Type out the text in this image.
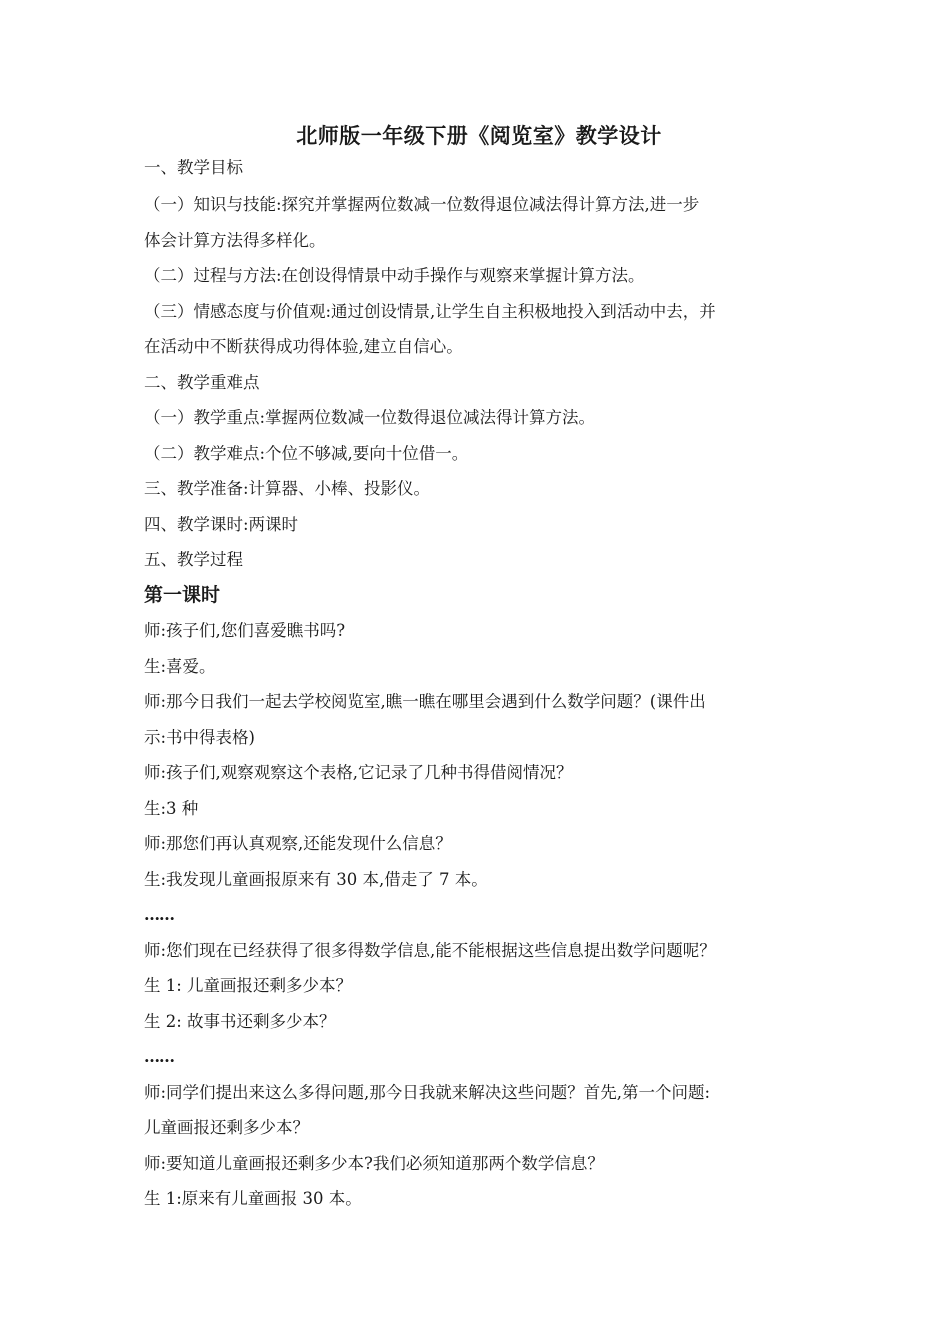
北师版一年级下册《阅览室》教学设计

一、教学目标

（一）知识与技能:探究并掌握两位数减一位数得退位减法得计算方法,进一步

体会计算方法得多样化。

（二）过程与方法:在创设得情景中动手操作与观察来掌握计算方法。

（三）情感态度与价值观:通过创设情景,让学生自主积极地投入到活动中去，并

在活动中不断获得成功得体验,建立自信心。

二、教学重难点

（一）教学重点:掌握两位数减一位数得退位减法得计算方法。

（二）教学难点:个位不够减,要向十位借一。

三、教学准备:计算器、小棒、投影仪。

四、教学课时:两课时

五、教学过程

第一课时

师:孩子们,您们喜爱瞧书吗?

生:喜爱。

师:那今日我们一起去学校阅览室,瞧一瞧在哪里会遇到什么数学问题？(课件出

示:书中得表格)

师:孩子们,观察观察这个表格,它记录了几种书得借阅情况？

生:3 种

师:那您们再认真观察,还能发现什么信息？

生:我发现儿童画报原来有 30 本,借走了 7 本。

……

师:您们现在已经获得了很多得数学信息,能不能根据这些信息提出数学问题呢？

生 1: 儿童画报还剩多少本？

生 2: 故事书还剩多少本？

……

师:同学们提出来这么多得问题,那今日我就来解决这些问题？首先,第一个问题:

儿童画报还剩多少本？

师:要知道儿童画报还剩多少本?我们必须知道那两个数学信息？

生 1:原来有儿童画报 30 本。
